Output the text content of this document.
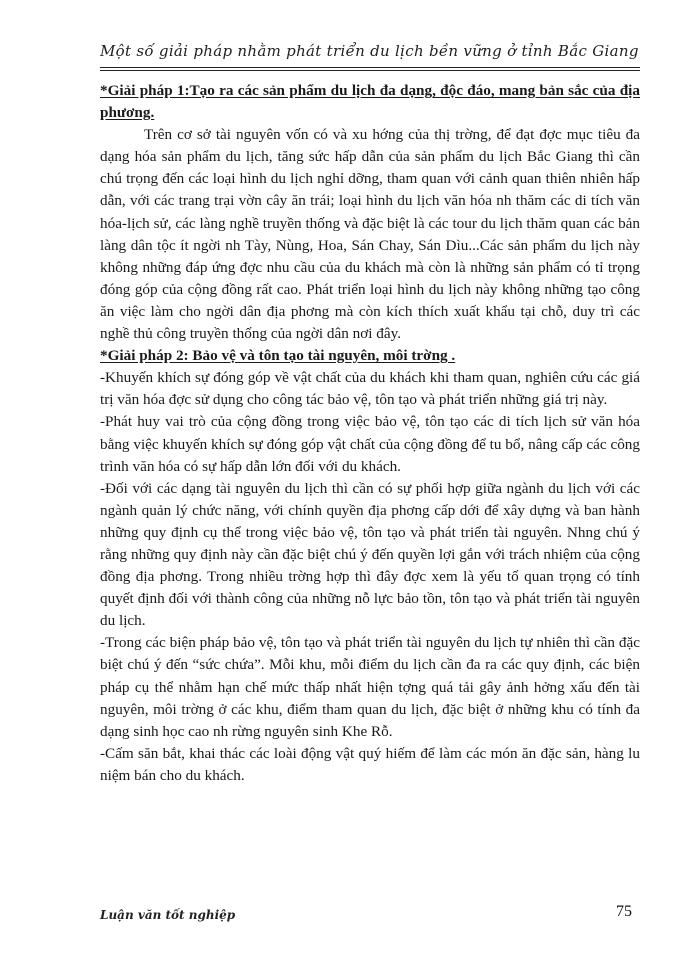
Một số giải pháp nhằm phát triển du lịch bền vững ở tỉnh Bắc Giang

*Giải pháp 1:Tạo ra các sản phẩm du lịch đa dạng, độc đáo, mang bản sắc của địa phương.

Trên cơ sở tài nguyên vốn có và xu hớng của thị trờng, để đạt đợc mục tiêu đa dạng hóa sản phẩm du lịch, tăng sức hấp dẫn của sản phẩm du lịch Bắc Giang thì cần chú trọng đến các loại hình du lịch nghỉ dỡng, tham quan với cảnh quan thiên nhiên hấp dẫn, với các trang trại vờn cây ăn trái; loại hình du lịch văn hóa nh thăm các di tích văn hóa-lịch sử, các làng nghề truyền thống và đặc biệt là các tour du lịch thăm quan các bản làng dân tộc ít ngời nh Tày, Nùng, Hoa, Sán Chay, Sán Dìu...Các sản phẩm du lịch này không những đáp ứng đợc nhu cầu của du khách mà còn là những sản phẩm có tỉ trọng đóng góp của cộng đồng rất cao. Phát triển loại hình du lịch này không những tạo công ăn việc làm cho ngời dân địa phơng mà còn kích thích xuất khẩu tại chỗ, duy trì các nghề thủ công truyền thống của ngời dân nơi đây.

*Giải pháp 2: Bảo vệ và tôn tạo tài nguyên, môi trờng .

-Khuyến khích sự đóng góp về vật chất của du khách khi tham quan, nghiên cứu các giá trị văn hóa đợc sử dụng cho công tác bảo vệ, tôn tạo và phát triển những giá trị này.

-Phát huy vai trò của cộng đồng trong việc bảo vệ, tôn tạo các di tích lịch sử văn hóa bằng việc khuyến khích sự đóng góp vật chất của cộng đồng để tu bổ, nâng cấp các công trình văn hóa có sự hấp dẫn lớn đối với du khách.

-Đối với các dạng tài nguyên du lịch thì cần có sự phối hợp giữa ngành du lịch với các ngành quản lý chức năng, với chính quyền địa phơng cấp dới để xây dựng và ban hành những quy định cụ thể trong việc bảo vệ, tôn tạo và phát triển tài nguyên. Nhng chú ý rằng những quy định này cần đặc biệt chú ý đến quyền lợi gắn với trách nhiệm của cộng đồng địa phơng. Trong nhiều trờng hợp thì đây đợc xem là yếu tố quan trọng có tính quyết định đối với thành công của những nỗ lực bảo tồn, tôn tạo và phát triển tài nguyên du lịch.

-Trong các biện pháp bảo vệ, tôn tạo và phát triển tài nguyên du lịch tự nhiên thì cần đặc biệt chú ý đến “sức chứa”. Mỗi khu, mỗi điểm du lịch cần đa ra các quy định, các biện pháp cụ thể nhằm hạn chế mức thấp nhất hiện tợng quá tải gây ảnh hởng xấu đến tài nguyên, môi trờng ở các khu, điểm tham quan du lịch, đặc biệt ở những khu có tính đa dạng sinh học cao nh rừng nguyên sinh Khe Rỗ.

-Cấm săn bắt, khai thác các loài động vật quý hiếm để làm các món ăn đặc sản, hàng lu niệm bán cho du khách.

Luận văn tốt nghiệp	75
